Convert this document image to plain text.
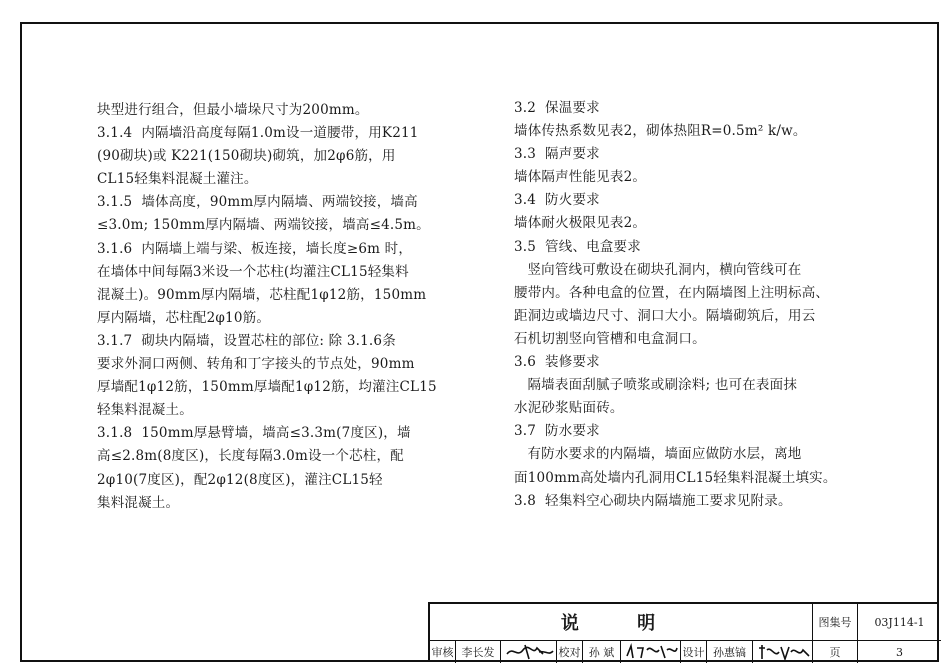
块型进行组合，但最小墙垛尺寸为200mm。

3.1.4  内隔墙沿高度每隔1.0m设一道腰带，用K211

(90砌块)或 K221(150砌块)砌筑，加2φ6筋，用

CL15轻集料混凝土灌注。

3.1.5  墙体高度，90mm厚内隔墙、两端铰接，墙高

≤3.0m; 150mm厚内隔墙、两端铰接，墙高≤4.5m。

3.1.6  内隔墙上端与梁、板连接，墙长度≥6m 时，

在墙体中间每隔3米设一个芯柱(均灌注CL15轻集料

混凝土)。90mm厚内隔墙，芯柱配1φ12筋，150mm

厚内隔墙，芯柱配2φ10筋。

3.1.7  砌块内隔墙，设置芯柱的部位: 除 3.1.6条

要求外洞口两侧、转角和丁字接头的节点处，90mm

厚墙配1φ12筋，150mm厚墙配1φ12筋，均灌注CL15

轻集料混凝土。

3.1.8  150mm厚悬臂墙，墙高≤3.3m(7度区)，墙

高≤2.8m(8度区)，长度每隔3.0m设一个芯柱，配

2φ10(7度区)，配2φ12(8度区)，灌注CL15轻

集料混凝土。

3.2  保温要求

墙体传热系数见表2，砌体热阻R=0.5m² k/w。

3.3  隔声要求

墙体隔声性能见表2。

3.4  防火要求

墙体耐火极限见表2。

3.5  管线、电盒要求

竖向管线可敷设在砌块孔洞内，横向管线可在

腰带内。各种电盒的位置，在内隔墙图上注明标高、

距洞边或墙边尺寸、洞口大小。隔墙砌筑后，用云

石机切割竖向管槽和电盒洞口。

3.6  装修要求

隔墙表面刮腻子喷浆或刷涂料; 也可在表面抹

水泥砂浆贴面砖。

3.7  防水要求

有防水要求的内隔墙，墙面应做防水层，离地

面100mm高处墙内孔洞用CL15轻集料混凝土填实。

3.8  轻集料空心砌块内隔墙施工要求见附录。

说 明	图集号	03J114-1
审核 李长发	校对 孙 斌	设计 孙惠镐	页	3
